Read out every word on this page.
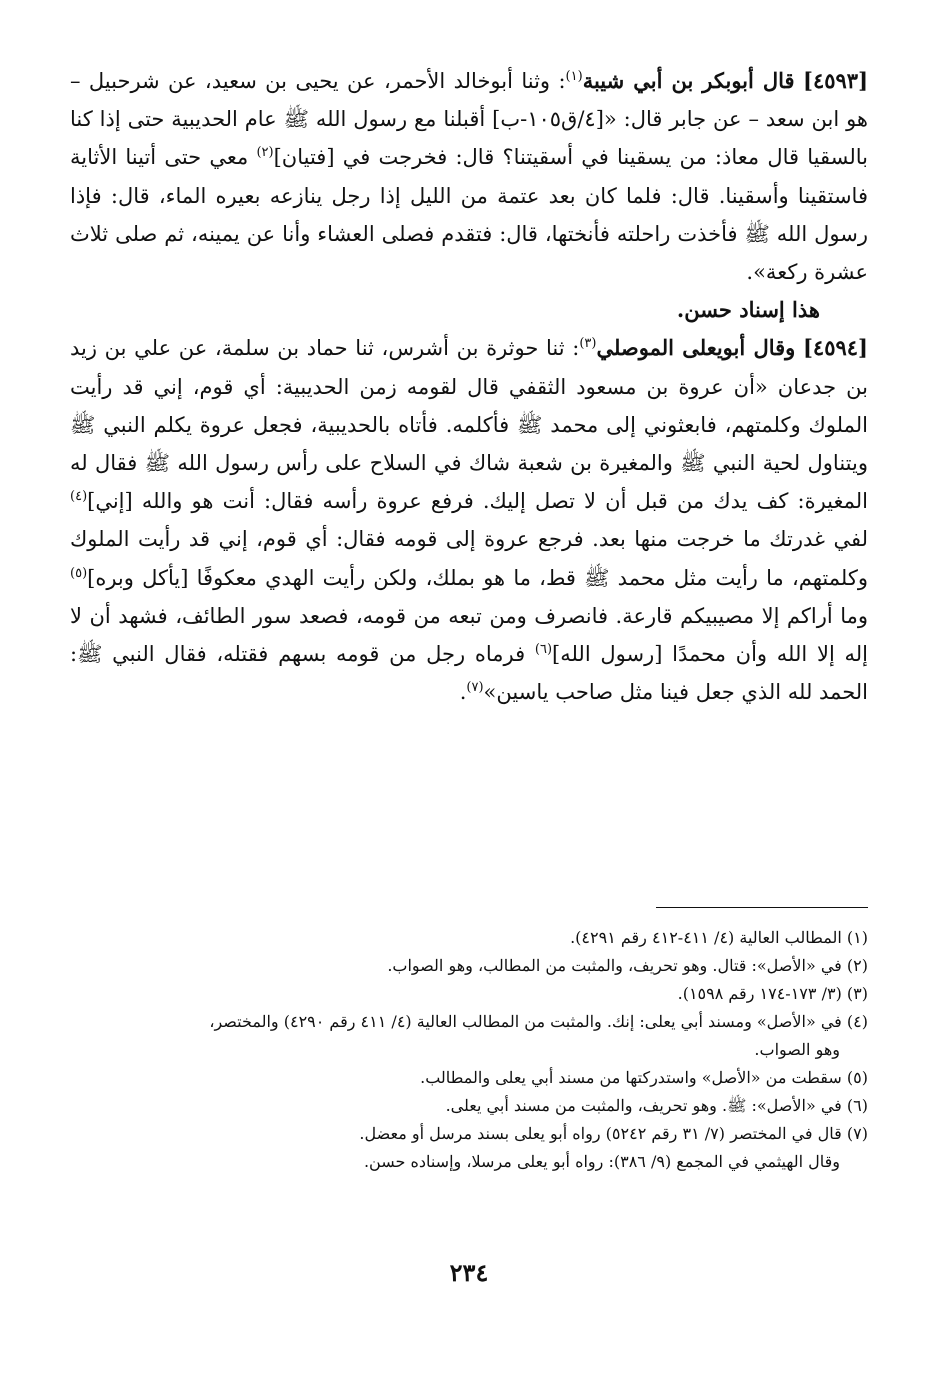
[٤٥٩٣] قال أبوبكر بن أبي شيبة$^{(١)}$: وثنا أبوخالد الأحمر، عن يحيى بن سعيد، عن شرحبيل – هو ابن سعد – عن جابر قال: «[٤/ق١٠٥-ب] أقبلنا مع رسول الله ﷺ عام الحديبية حتى إذا كنا بالسقيا قال معاذ: من يسقينا في أسقيتنا؟ قال: فخرجت في [فتيان]$^{(٢)}$ معي حتى أتينا الأثاية فاستقينا وأسقينا. قال: فلما كان بعد عتمة من الليل إذا رجل ينازعه بعيره الماء، قال: فإذا رسول الله ﷺ فأخذت راحلته فأنختها، قال: فتقدم فصلى العشاء وأنا عن يمينه، ثم صلى ثلاث عشرة ركعة».

هذا إسناد حسن.

[٤٥٩٤] وقال أبويعلى الموصلي$^{(٣)}$: ثنا حوثرة بن أشرس، ثنا حماد بن سلمة، عن علي بن زيد بن جدعان «أن عروة بن مسعود الثقفي قال لقومه زمن الحديبية: أي قوم، إني قد رأيت الملوك وكلمتهم، فابعثوني إلى محمد ﷺ فأكلمه. فأتاه بالحديبية، فجعل عروة يكلم النبي ﷺ ويتناول لحية النبي ﷺ والمغيرة بن شعبة شاك في السلاح على رأس رسول الله ﷺ فقال له المغيرة: كف يدك من قبل أن لا تصل إليك. فرفع عروة رأسه فقال: أنت هو والله [إني]$^{(٤)}$ لفي غدرتك ما خرجت منها بعد. فرجع عروة إلى قومه فقال: أي قوم، إني قد رأيت الملوك وكلمتهم، ما رأيت مثل محمد ﷺ قط، ما هو بملك، ولكن رأيت الهدي معكوفًا [يأكل وبره]$^{(٥)}$ وما أراكم إلا مصيبيكم قارعة. فانصرف ومن تبعه من قومه، فصعد سور الطائف، فشهد أن لا إله إلا الله وأن محمدًا [رسول الله]$^{(٦)}$ فرماه رجل من قومه بسهم فقتله، فقال النبي ﷺ: الحمد لله الذي جعل فينا مثل صاحب ياسين»$^{(٧)}$.

(١) المطالب العالية (٤/ ٤١١-٤١٢ رقم ٤٢٩١).
(٢) في «الأصل»: قتال. وهو تحريف، والمثبت من المطالب، وهو الصواب.
(٣) (٣/ ١٧٣-١٧٤ رقم ١٥٩٨).
(٤) في «الأصل» ومسند أبي يعلى: إنك. والمثبت من المطالب العالية (٤/ ٤١١ رقم ٤٢٩٠) والمختصر،
وهو الصواب.
(٥) سقطت من «الأصل» واستدركتها من مسند أبي يعلى والمطالب.
(٦) في «الأصل»: ﷺ. وهو تحريف، والمثبت من مسند أبي يعلى.
(٧) قال في المختصر (٧/ ٣١ رقم ٥٢٤٢) رواه أبو يعلى بسند مرسل أو معضل.
وقال الهيثمي في المجمع (٩/ ٣٨٦): رواه أبو يعلى مرسلا، وإسناده حسن.
٢٣٤
